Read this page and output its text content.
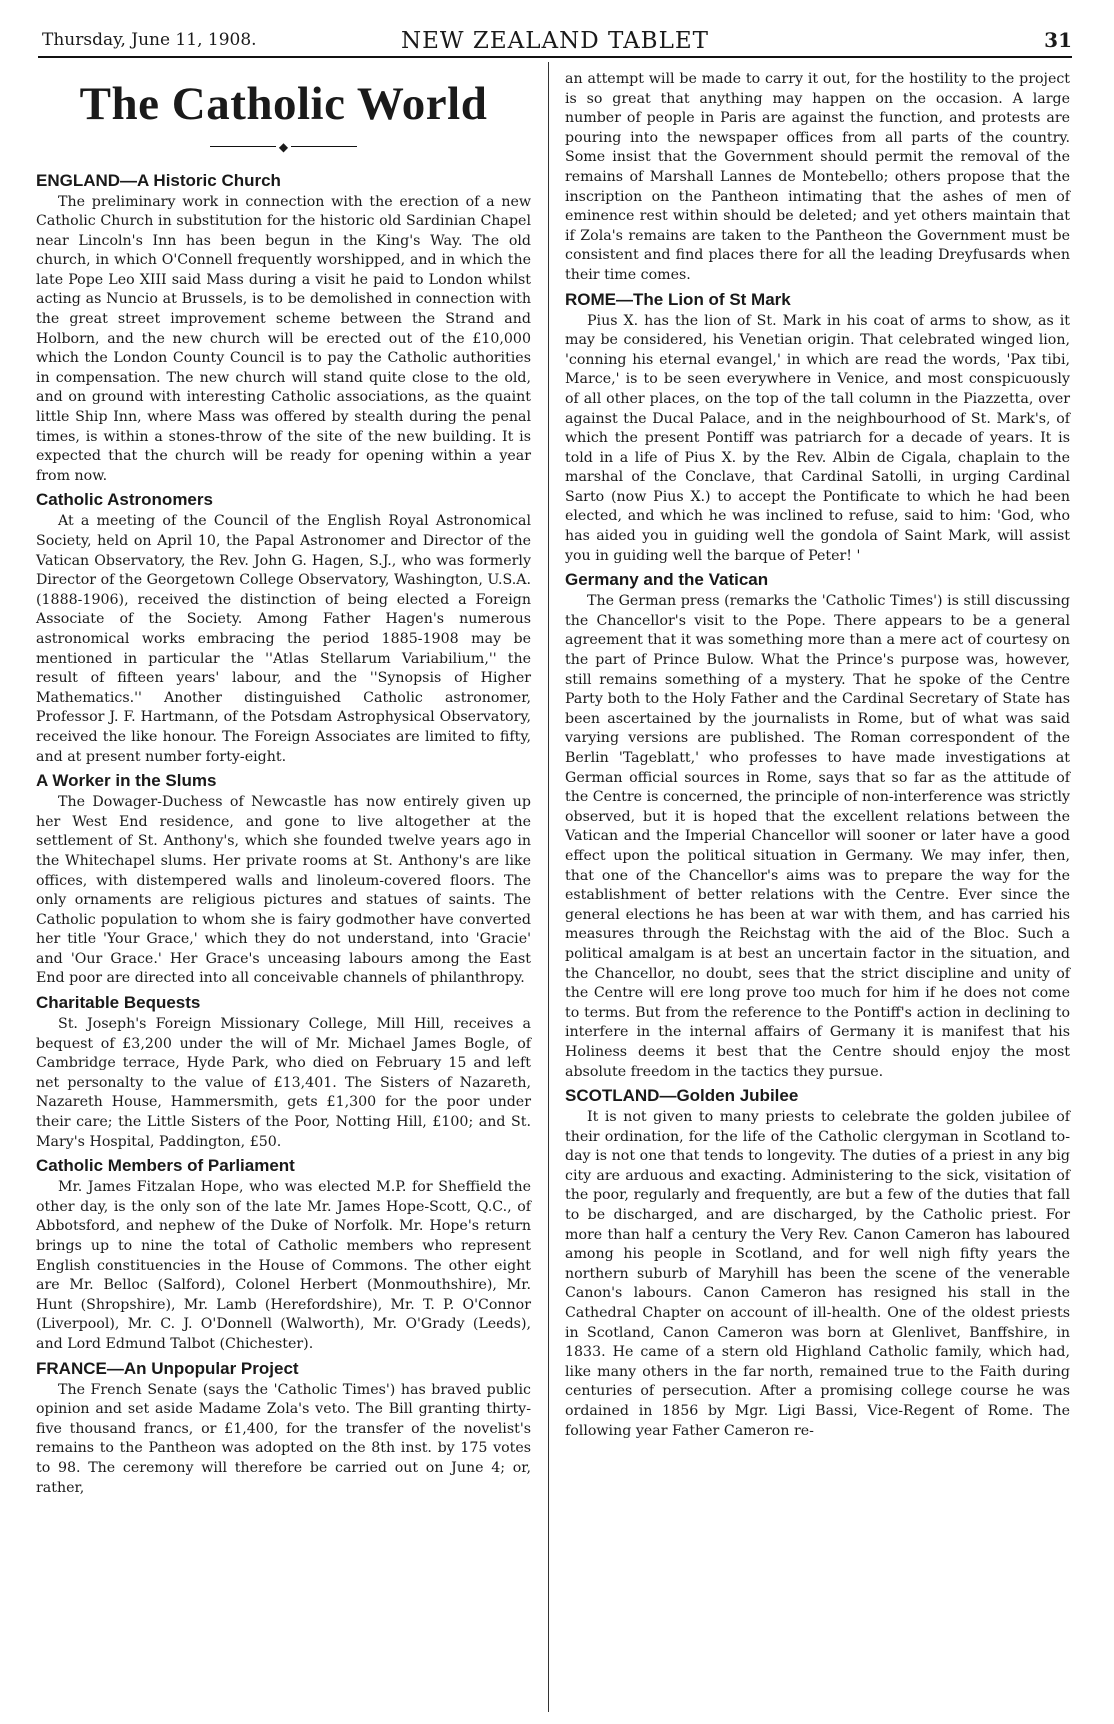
Thursday, June 11, 1908.	NEW ZEALAND TABLET	31
The Catholic World
◆
ENGLAND—A Historic Church

The preliminary work in connection with the erection of a new Catholic Church in substitution for the historic old Sardinian Chapel near Lincoln's Inn has been begun in the King's Way. The old church, in which O'Connell frequently worshipped, and in which the late Pope Leo XIII said Mass during a visit he paid to London whilst acting as Nuncio at Brussels, is to be demolished in connection with the great street improvement scheme between the Strand and Holborn, and the new church will be erected out of the £10,000 which the London County Council is to pay the Catholic authorities in compensation. The new church will stand quite close to the old, and on ground with interesting Catholic associations, as the quaint little Ship Inn, where Mass was offered by stealth during the penal times, is within a stones-throw of the site of the new building. It is expected that the church will be ready for opening within a year from now.

Catholic Astronomers

At a meeting of the Council of the English Royal Astronomical Society, held on April 10, the Papal Astronomer and Director of the Vatican Observatory, the Rev. John G. Hagen, S.J., who was formerly Director of the Georgetown College Observatory, Washington, U.S.A. (1888-1906), received the distinction of being elected a Foreign Associate of the Society. Among Father Hagen's numerous astronomical works embracing the period 1885-1908 may be mentioned in particular the ''Atlas Stellarum Variabilium,'' the result of fifteen years' labour, and the ''Synopsis of Higher Mathematics.'' Another distinguished Catholic astronomer, Professor J. F. Hartmann, of the Potsdam Astrophysical Observatory, received the like honour. The Foreign Associates are limited to fifty, and at present number forty-eight.

A Worker in the Slums

The Dowager-Duchess of Newcastle has now entirely given up her West End residence, and gone to live altogether at the settlement of St. Anthony's, which she founded twelve years ago in the Whitechapel slums. Her private rooms at St. Anthony's are like offices, with distempered walls and linoleum-covered floors. The only ornaments are religious pictures and statues of saints. The Catholic population to whom she is fairy godmother have converted her title 'Your Grace,' which they do not understand, into 'Gracie' and 'Our Grace.' Her Grace's unceasing labours among the East End poor are directed into all conceivable channels of philanthropy.

Charitable Bequests

St. Joseph's Foreign Missionary College, Mill Hill, receives a bequest of £3,200 under the will of Mr. Michael James Bogle, of Cambridge terrace, Hyde Park, who died on February 15 and left net personalty to the value of £13,401. The Sisters of Nazareth, Nazareth House, Hammersmith, gets £1,300 for the poor under their care; the Little Sisters of the Poor, Notting Hill, £100; and St. Mary's Hospital, Paddington, £50.

Catholic Members of Parliament

Mr. James Fitzalan Hope, who was elected M.P. for Sheffield the other day, is the only son of the late Mr. James Hope-Scott, Q.C., of Abbotsford, and nephew of the Duke of Norfolk. Mr. Hope's return brings up to nine the total of Catholic members who represent English constituencies in the House of Commons. The other eight are Mr. Belloc (Salford), Colonel Herbert (Monmouthshire), Mr. Hunt (Shropshire), Mr. Lamb (Herefordshire), Mr. T. P. O'Connor (Liverpool), Mr. C. J. O'Donnell (Walworth), Mr. O'Grady (Leeds), and Lord Edmund Talbot (Chichester).

FRANCE—An Unpopular Project

The French Senate (says the 'Catholic Times') has braved public opinion and set aside Madame Zola's veto. The Bill granting thirty-five thousand francs, or £1,400, for the transfer of the novelist's remains to the Pantheon was adopted on the 8th inst. by 175 votes to 98. The ceremony will therefore be carried out on June 4; or, rather,

an attempt will be made to carry it out, for the hostility to the project is so great that anything may happen on the occasion. A large number of people in Paris are against the function, and protests are pouring into the newspaper offices from all parts of the country. Some insist that the Government should permit the removal of the remains of Marshall Lannes de Montebello; others propose that the inscription on the Pantheon intimating that the ashes of men of eminence rest within should be deleted; and yet others maintain that if Zola's remains are taken to the Pantheon the Government must be consistent and find places there for all the leading Dreyfusards when their time comes.

ROME—The Lion of St Mark

Pius X. has the lion of St. Mark in his coat of arms to show, as it may be considered, his Venetian origin. That celebrated winged lion, 'conning his eternal evangel,' in which are read the words, 'Pax tibi, Marce,' is to be seen everywhere in Venice, and most conspicuously of all other places, on the top of the tall column in the Piazzetta, over against the Ducal Palace, and in the neighbourhood of St. Mark's, of which the present Pontiff was patriarch for a decade of years. It is told in a life of Pius X. by the Rev. Albin de Cigala, chaplain to the marshal of the Conclave, that Cardinal Satolli, in urging Cardinal Sarto (now Pius X.) to accept the Pontificate to which he had been elected, and which he was inclined to refuse, said to him: 'God, who has aided you in guiding well the gondola of Saint Mark, will assist you in guiding well the barque of Peter! '

Germany and the Vatican

The German press (remarks the 'Catholic Times') is still discussing the Chancellor's visit to the Pope. There appears to be a general agreement that it was something more than a mere act of courtesy on the part of Prince Bulow. What the Prince's purpose was, however, still remains something of a mystery. That he spoke of the Centre Party both to the Holy Father and the Cardinal Secretary of State has been ascertained by the journalists in Rome, but of what was said varying versions are published. The Roman correspondent of the Berlin 'Tageblatt,' who professes to have made investigations at German official sources in Rome, says that so far as the attitude of the Centre is concerned, the principle of non-interference was strictly observed, but it is hoped that the excellent relations between the Vatican and the Imperial Chancellor will sooner or later have a good effect upon the political situation in Germany. We may infer, then, that one of the Chancellor's aims was to prepare the way for the establishment of better relations with the Centre. Ever since the general elections he has been at war with them, and has carried his measures through the Reichstag with the aid of the Bloc. Such a political amalgam is at best an uncertain factor in the situation, and the Chancellor, no doubt, sees that the strict discipline and unity of the Centre will ere long prove too much for him if he does not come to terms. But from the reference to the Pontiff's action in declining to interfere in the internal affairs of Germany it is manifest that his Holiness deems it best that the Centre should enjoy the most absolute freedom in the tactics they pursue.

SCOTLAND—Golden Jubilee

It is not given to many priests to celebrate the golden jubilee of their ordination, for the life of the Catholic clergyman in Scotland to-day is not one that tends to longevity. The duties of a priest in any big city are arduous and exacting. Administering to the sick, visitation of the poor, regularly and frequently, are but a few of the duties that fall to be discharged, and are discharged, by the Catholic priest. For more than half a century the Very Rev. Canon Cameron has laboured among his people in Scotland, and for well nigh fifty years the northern suburb of Maryhill has been the scene of the venerable Canon's labours. Canon Cameron has resigned his stall in the Cathedral Chapter on account of ill-health. One of the oldest priests in Scotland, Canon Cameron was born at Glenlivet, Banffshire, in 1833. He came of a stern old Highland Catholic family, which had, like many others in the far north, remained true to the Faith during centuries of persecution. After a promising college course he was ordained in 1856 by Mgr. Ligi Bassi, Vice-Regent of Rome. The following year Father Cameron re-
